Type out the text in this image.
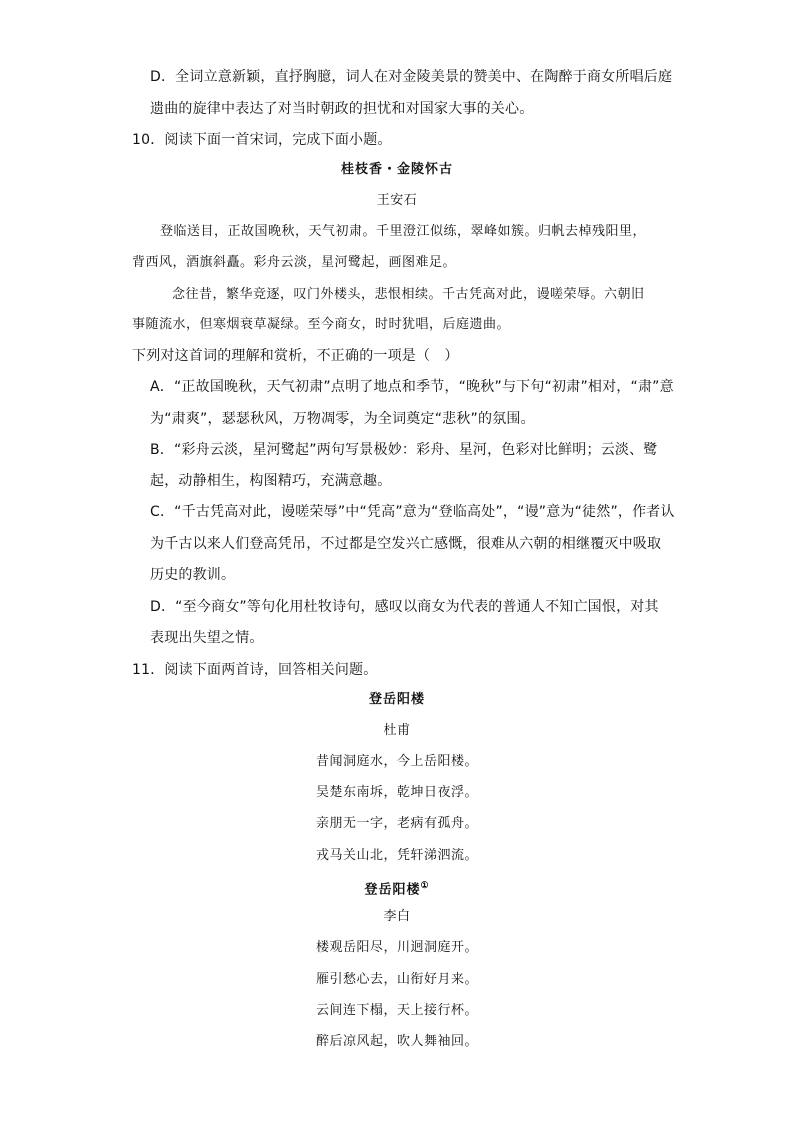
D．全词立意新颖，直抒胸臆，词人在对金陵美景的赞美中、在陶醉于商女所唱后庭
遗曲的旋律中表达了对当时朝政的担忧和对国家大事的关心。
10．阅读下面一首宋词，完成下面小题。
桂枝香・金陵怀古
王安石
登临送目，正故国晚秋，天气初肃。千里澄江似练，翠峰如簇。归帆去棹残阳里，
背西风，酒旗斜矗。彩舟云淡，星河鹭起，画图难足。
念往昔，繁华竞逐，叹门外楼头，悲恨相续。千古凭高对此，谩嗟荣辱。六朝旧
事随流水，但寒烟衰草凝绿。至今商女，时时犹唱，后庭遗曲。
下列对这首词的理解和赏析，不正确的一项是（　）
A．“正故国晚秋，天气初肃”点明了地点和季节，“晚秋”与下句“初肃”相对，“肃”意
为“肃爽”，瑟瑟秋风，万物凋零，为全词奠定“悲秋”的氛围。
B．“彩舟云淡，星河鹭起”两句写景极妙：彩舟、星河，色彩对比鲜明；云淡、鹭
起，动静相生，构图精巧，充满意趣。
C．“千古凭高对此，谩嗟荣辱”中“凭高”意为“登临高处”，“谩”意为“徒然”，作者认
为千古以来人们登高凭吊，不过都是空发兴亡感慨，很难从六朝的相继覆灭中吸取
历史的教训。
D．“至今商女”等句化用杜牧诗句，感叹以商女为代表的普通人不知亡国恨，对其
表现出失望之情。
11．阅读下面两首诗，回答相关问题。
登岳阳楼
杜甫
昔闻洞庭水，今上岳阳楼。
吴楚东南坼，乾坤日夜浮。
亲朋无一字，老病有孤舟。
戎马关山北，凭轩涕泗流。
登岳阳楼①
李白
楼观岳阳尽，川迥洞庭开。
雁引愁心去，山衔好月来。
云间连下榻，天上接行杯。
醉后凉风起，吹人舞袖回。
